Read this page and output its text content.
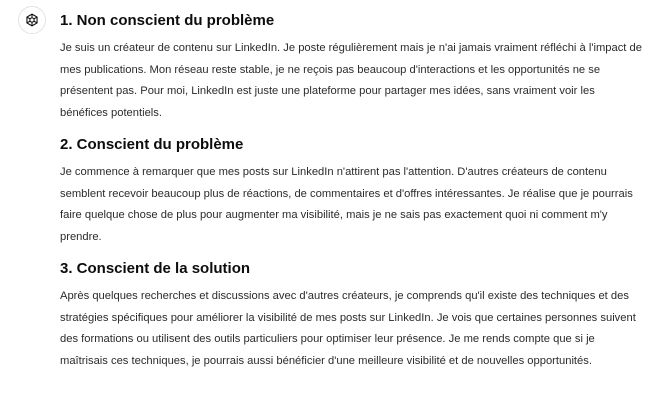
1. Non conscient du problème

Je suis un créateur de contenu sur LinkedIn. Je poste régulièrement mais je n'ai jamais vraiment réfléchi à l'impact de mes publications. Mon réseau reste stable, je ne reçois pas beaucoup d'interactions et les opportunités ne se présentent pas. Pour moi, LinkedIn est juste une plateforme pour partager mes idées, sans vraiment voir les bénéfices potentiels.

2. Conscient du problème

Je commence à remarquer que mes posts sur LinkedIn n'attirent pas l'attention. D'autres créateurs de contenu semblent recevoir beaucoup plus de réactions, de commentaires et d'offres intéressantes. Je réalise que je pourrais faire quelque chose de plus pour augmenter ma visibilité, mais je ne sais pas exactement quoi ni comment m'y prendre.

3. Conscient de la solution

Après quelques recherches et discussions avec d'autres créateurs, je comprends qu'il existe des techniques et des stratégies spécifiques pour améliorer la visibilité de mes posts sur LinkedIn. Je vois que certaines personnes suivent des formations ou utilisent des outils particuliers pour optimiser leur présence. Je me rends compte que si je maîtrisais ces techniques, je pourrais aussi bénéficier d'une meilleure visibilité et de nouvelles opportunités.
